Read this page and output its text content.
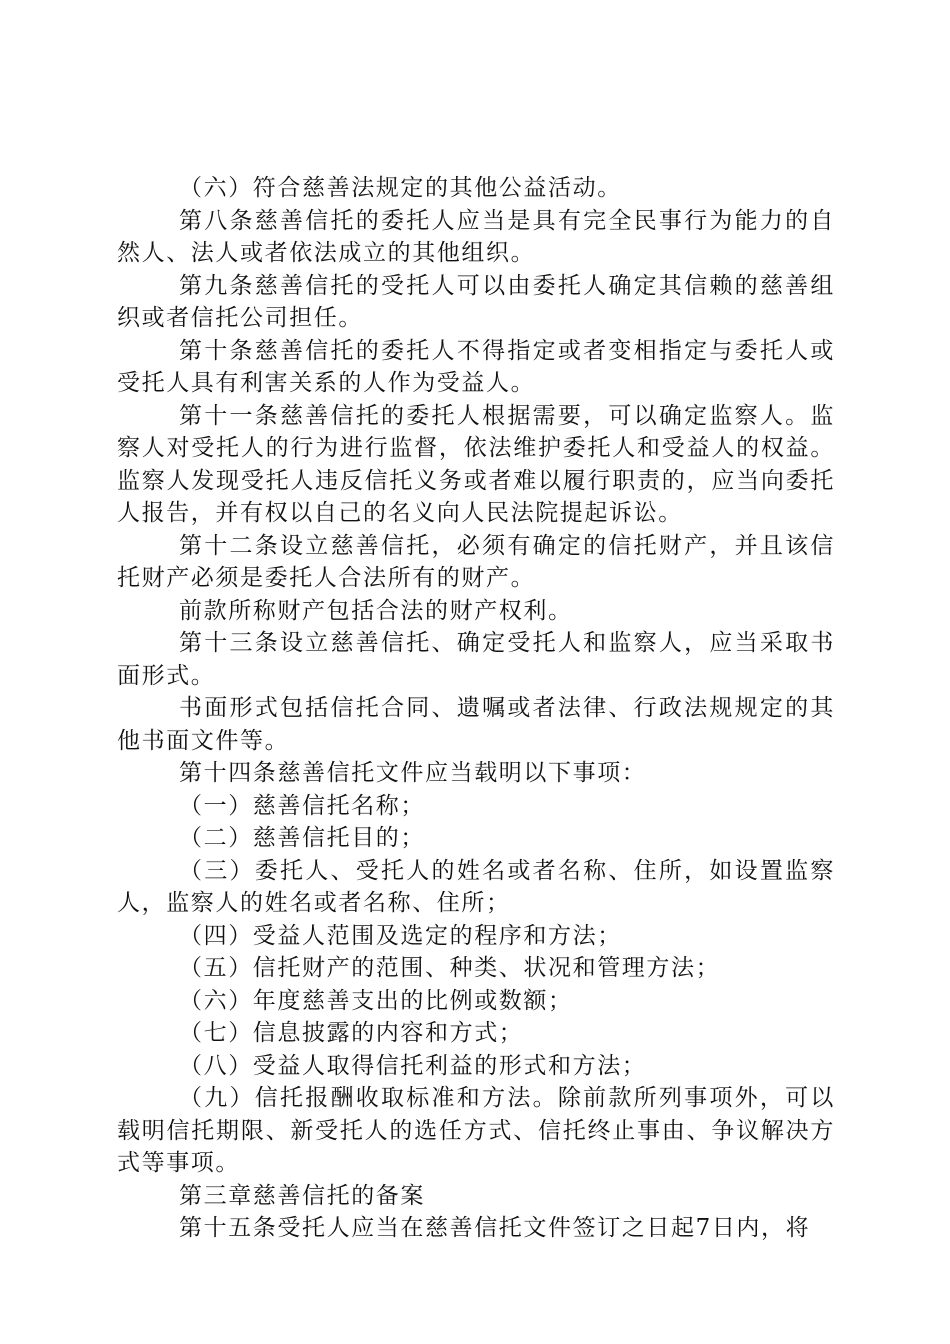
（六）符合慈善法规定的其他公益活动。

第八条慈善信托的委托人应当是具有完全民事行为能力的自然人、法人或者依法成立的其他组织。

第九条慈善信托的受托人可以由委托人确定其信赖的慈善组织或者信托公司担任。

第十条慈善信托的委托人不得指定或者变相指定与委托人或受托人具有利害关系的人作为受益人。

第十一条慈善信托的委托人根据需要，可以确定监察人。监察人对受托人的行为进行监督，依法维护委托人和受益人的权益。监察人发现受托人违反信托义务或者难以履行职责的，应当向委托人报告，并有权以自己的名义向人民法院提起诉讼。

第十二条设立慈善信托，必须有确定的信托财产，并且该信托财产必须是委托人合法所有的财产。

前款所称财产包括合法的财产权利。

第十三条设立慈善信托、确定受托人和监察人，应当采取书面形式。

书面形式包括信托合同、遗嘱或者法律、行政法规规定的其他书面文件等。

第十四条慈善信托文件应当载明以下事项：

（一）慈善信托名称；

（二）慈善信托目的；

（三）委托人、受托人的姓名或者名称、住所，如设置监察人，监察人的姓名或者名称、住所；

（四）受益人范围及选定的程序和方法；

（五）信托财产的范围、种类、状况和管理方法；

（六）年度慈善支出的比例或数额；

（七）信息披露的内容和方式；

（八）受益人取得信托利益的形式和方法；

（九）信托报酬收取标准和方法。除前款所列事项外，可以载明信托期限、新受托人的选任方式、信托终止事由、争议解决方式等事项。

第三章慈善信托的备案

第十五条受托人应当在慈善信托文件签订之日起7日内，将
